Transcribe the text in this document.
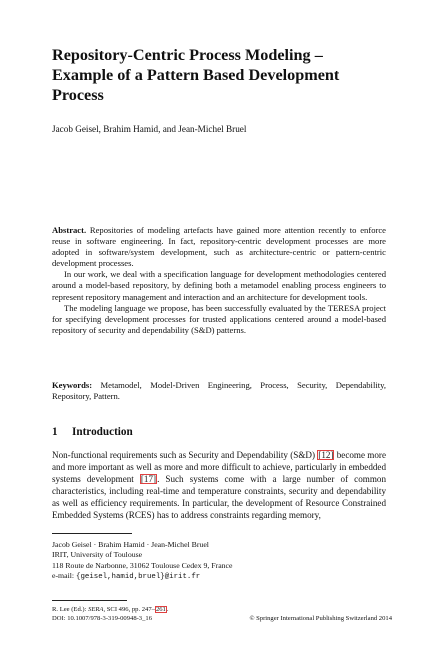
Repository-Centric Process Modeling –
Example of a Pattern Based Development
Process
Jacob Geisel, Brahim Hamid, and Jean-Michel Bruel

Abstract. Repositories of modeling artefacts have gained more attention recently to enforce reuse in software engineering. In fact, repository-centric development processes are more adopted in software/system development, such as architecture-centric or pattern-centric development processes.

In our work, we deal with a specification language for development methodologies centered around a model-based repository, by defining both a metamodel enabling process engineers to represent repository management and interaction and an architecture for development tools.

The modeling language we propose, has been successfully evaluated by the TERESA project for specifying development processes for trusted applications centered around a model-based repository of security and dependability (S&D) patterns.

Keywords: Metamodel, Model-Driven Engineering, Process, Security, Dependability, Repository, Pattern.
1 Introduction

Non-functional requirements such as Security and Dependability (S&D) [12] become more and more important as well as more and more difficult to achieve, particularly in embedded systems development [17]. Such systems come with a large number of common characteristics, including real-time and temperature constraints, security and dependability as well as efficiency requirements. In particular, the development of Resource Constrained Embedded Systems (RCES) has to address constraints regarding memory,

Jacob Geisel · Brahim Hamid · Jean-Michel Bruel
IRIT, University of Toulouse
118 Route de Narbonne, 31062 Toulouse Cedex 9, France
e-mail: {geisel,hamid,bruel}@irit.fr
R. Lee (Ed.): SERA, SCI 496, pp. 247–261.
DOI: 10.1007/978-3-319-00948-3_16	© Springer International Publishing Switzerland 2014
